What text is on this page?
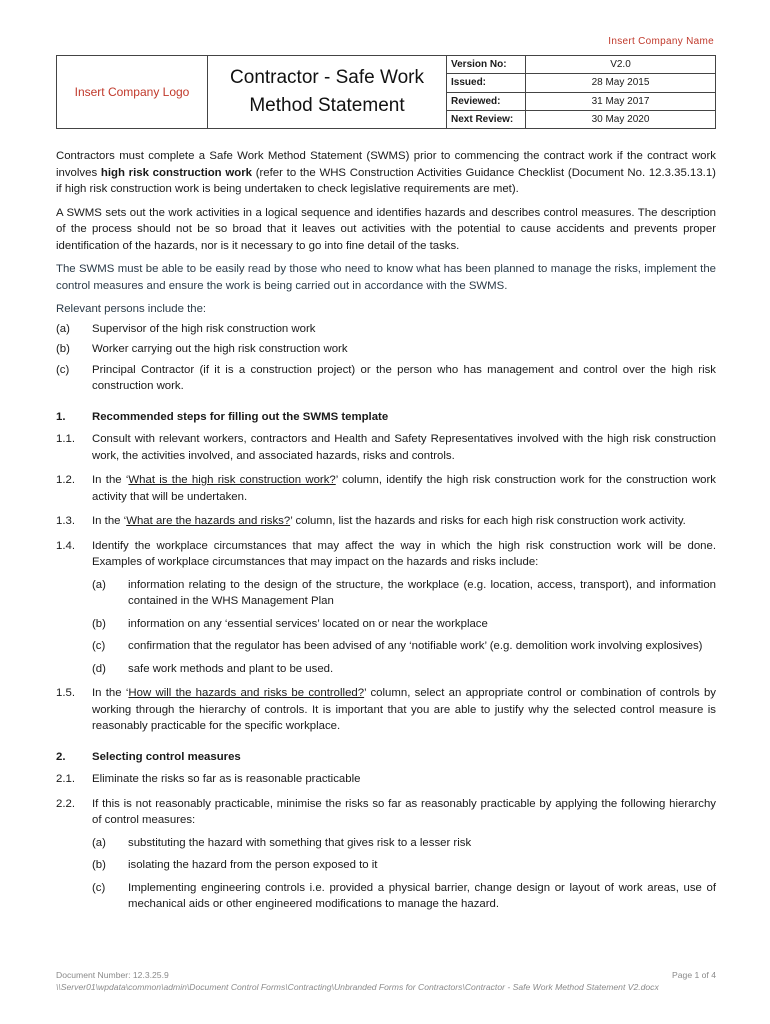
Insert Company Name
Insert Company Logo
Contractor - Safe Work Method Statement
Version No:	V2.0
Issued:	28 May 2015
Reviewed:	31 May 2017
Next Review:	30 May 2020

Contractors must complete a Safe Work Method Statement (SWMS) prior to commencing the contract work if the contract work involves high risk construction work (refer to the WHS Construction Activities Guidance Checklist (Document No. 12.3.35.13.1) if high risk construction work is being undertaken to check legislative requirements are met).

A SWMS sets out the work activities in a logical sequence and identifies hazards and describes control measures. The description of the process should not be so broad that it leaves out activities with the potential to cause accidents and prevents proper identification of the hazards, nor is it necessary to go into fine detail of the tasks.

The SWMS must be able to be easily read by those who need to know what has been planned to manage the risks, implement the control measures and ensure the work is being carried out in accordance with the SWMS.

Relevant persons include the:

(a)	Supervisor of the high risk construction work
(b)	Worker carrying out the high risk construction work
(c)	Principal Contractor (if it is a construction project) or the person who has management and control over the high risk construction work.
1.	Recommended steps for filling out the SWMS template
1.1.	Consult with relevant workers, contractors and Health and Safety Representatives involved with the high risk construction work, the activities involved, and associated hazards, risks and controls.
1.2.	In the ‘What is the high risk construction work?’ column, identify the high risk construction work for the construction work activity that will be undertaken.
1.3.	In the ‘What are the hazards and risks?’ column, list the hazards and risks for each high risk construction work activity.
1.4.	Identify the workplace circumstances that may affect the way in which the high risk construction work will be done. Examples of workplace circumstances that may impact on the hazards and risks include:
(a)	information relating to the design of the structure, the workplace (e.g. location, access, transport), and information contained in the WHS Management Plan
(b)	information on any ‘essential services’ located on or near the workplace
(c)	confirmation that the regulator has been advised of any ‘notifiable work’ (e.g. demolition work involving explosives)
(d)	safe work methods and plant to be used.
1.5.	In the ‘How will the hazards and risks be controlled?’ column, select an appropriate control or combination of controls by working through the hierarchy of controls. It is important that you are able to justify why the selected control measure is reasonably practicable for the specific workplace.
2.	Selecting control measures
2.1.	Eliminate the risks so far as is reasonable practicable
2.2.	If this is not reasonably practicable, minimise the risks so far as reasonably practicable by applying the following hierarchy of control measures:
(a)	substituting the hazard with something that gives risk to a lesser risk
(b)	isolating the hazard from the person exposed to it
(c)	Implementing engineering controls i.e. provided a physical barrier, change design or layout of work areas, use of mechanical aids or other engineered modifications to manage the hazard.
Document Number: 12.3.25.9	Page 1 of 4
\\Server01\wpdata\common\admin\Document Control Forms\Contracting\Unbranded Forms for Contractors\Contractor - Safe Work Method Statement V2.docx
